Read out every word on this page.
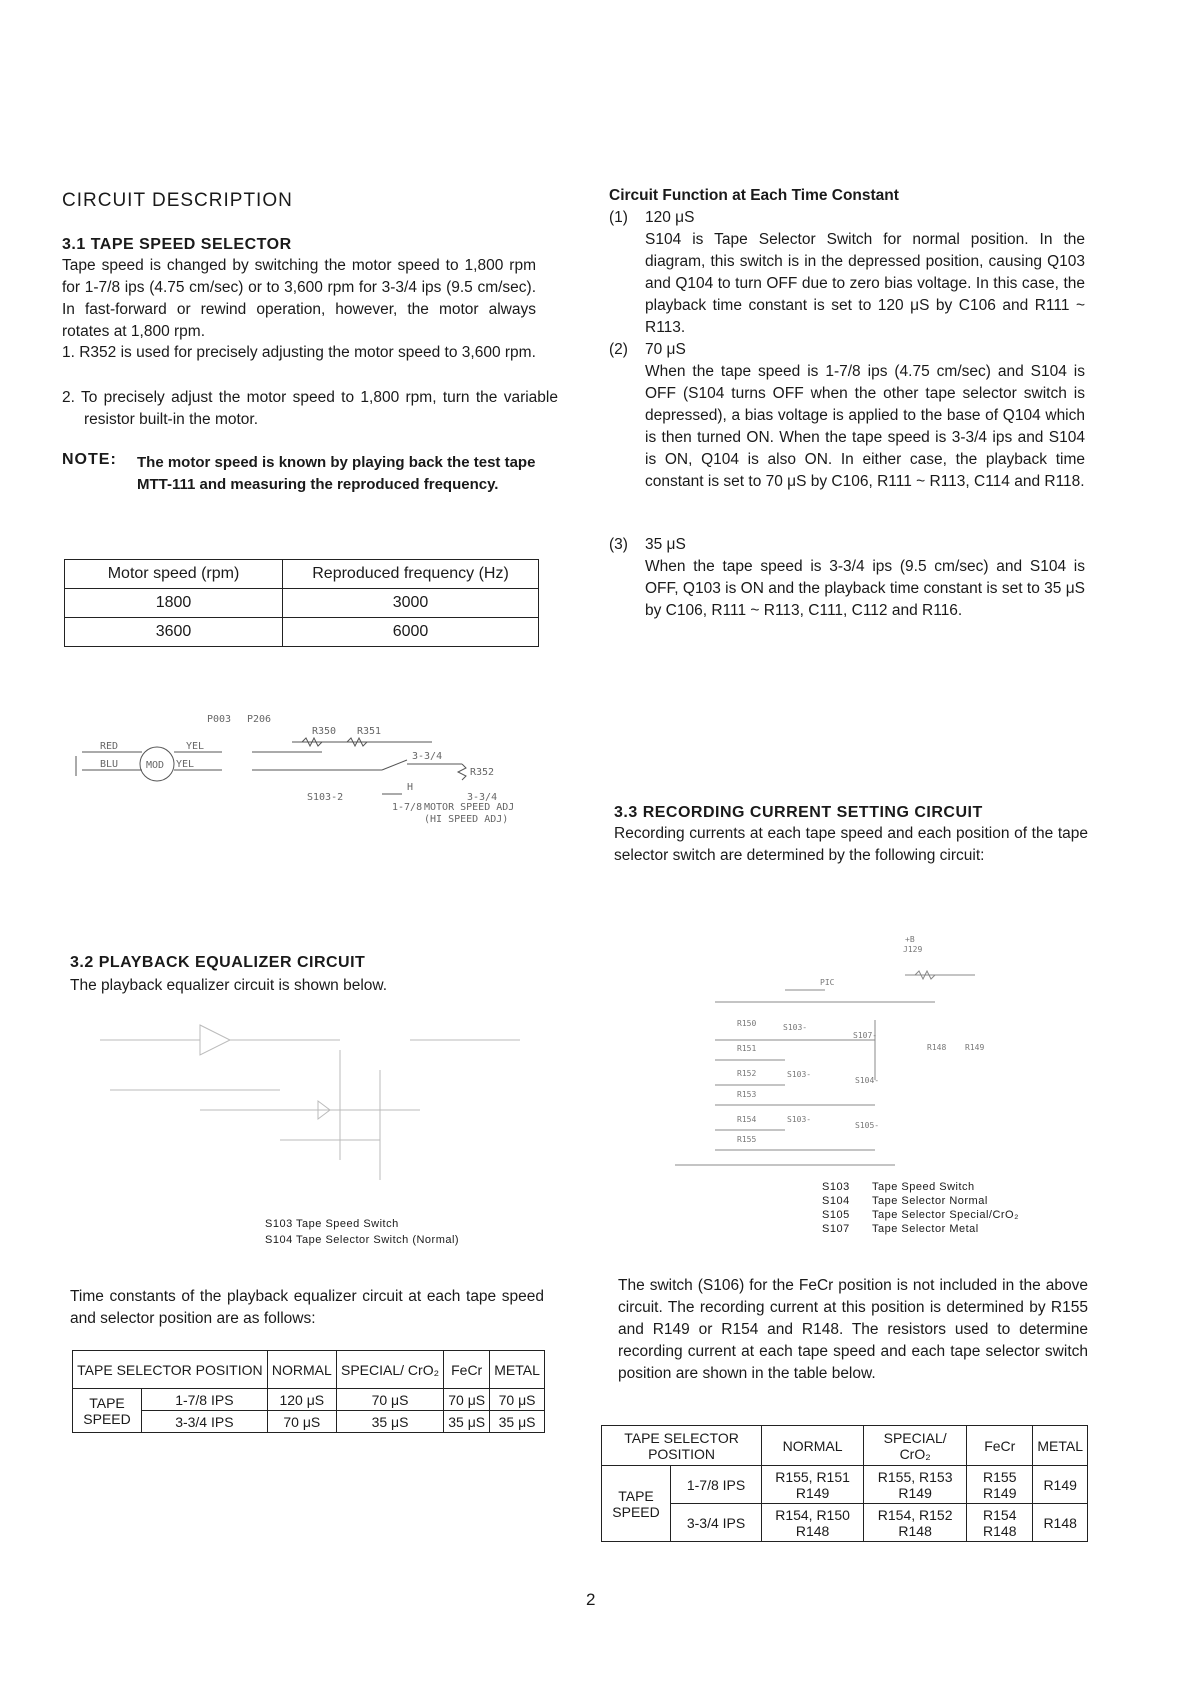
CIRCUIT DESCRIPTION
3.1 TAPE SPEED SELECTOR
Tape speed is changed by switching the motor speed to 1,800 rpm for 1-7/8 ips (4.75 cm/sec) or to 3,600 rpm for 3-3/4 ips (9.5 cm/sec). In fast-forward or rewind operation, however, the motor always rotates at 1,800 rpm.
1. R352 is used for precisely adjusting the motor speed to 3,600 rpm.
2. To precisely adjust the motor speed to 1,800 rpm, turn the variable resistor built-in the motor.
NOTE: The motor speed is known by playing back the test tape MTT-111 and measuring the reproduced frequency.
Motor speed (rpm)	Reproduced frequency (Hz)
1800	3000
3600	6000
P003 P206
R350 R351
RED	YEL
BLU	MOD YEL
3-3/4
R352
H
3-3/4
S103-2
1-7/8 MOTOR SPEED ADJ
(HI SPEED ADJ)
3.2 PLAYBACK EQUALIZER CIRCUIT
The playback equalizer circuit is shown below.
S103 Tape Speed Switch
S104 Tape Selector Switch (Normal)
Time constants of the playback equalizer circuit at each tape speed and selector position are as follows:
TAPE SELECTOR POSITION		NORMAL	SPECIAL/ CrO₂	FeCr	METAL
TAPE SPEED	1-7/8 IPS	120 μS	70 μS	70 μS	70 μS
	3-3/4 IPS	70 μS	35 μS	35 μS	35 μS
Circuit Function at Each Time Constant
(1) 120 μS
S104 is Tape Selector Switch for normal position. In the diagram, this switch is in the depressed position, causing Q103 and Q104 to turn OFF due to zero bias voltage. In this case, the playback time constant is set to 120 μS by C106 and R111 ~ R113.
(2) 70 μS
When the tape speed is 1-7/8 ips (4.75 cm/sec) and S104 is OFF (S104 turns OFF when the other tape selector switch is depressed), a bias voltage is applied to the base of Q104 which is then turned ON. When the tape speed is 3-3/4 ips and S104 is ON, Q104 is also ON. In either case, the playback time constant is set to 70 μS by C106, R111 ~ R113, C114 and R118.
(3) 35 μS
When the tape speed is 3-3/4 ips (9.5 cm/sec) and S104 is OFF, Q103 is ON and the playback time constant is set to 35 μS by C106, R111 ~ R113, C111, C112 and R116.
3.3 RECORDING CURRENT SETTING CIRCUIT
Recording currents at each tape speed and each position of the tape selector switch are determined by the following circuit:
+B
J129
PIC
S103-
S103-
S103-
S107-
S104-
S105-
R150
R151
R152
R153
R154
R155
R148 R149
S103 Tape Speed Switch
S104 Tape Selector Normal
S105 Tape Selector Special/CrO₂
S107 Tape Selector Metal
The switch (S106) for the FeCr position is not included in the above circuit. The recording current at this position is determined by R155 and R149 or R154 and R148. The resistors used to determine recording current at each tape speed and each tape selector switch position are shown in the table below.
TAPE SELECTOR POSITION		NORMAL	SPECIAL/ CrO₂	FeCr	METAL
TAPE SPEED	1-7/8 IPS	R155, R151 R149	R155, R153 R149	R155 R149	R149
	3-3/4 IPS	R154, R150 R148	R154, R152 R148	R154 R148	R148
2
